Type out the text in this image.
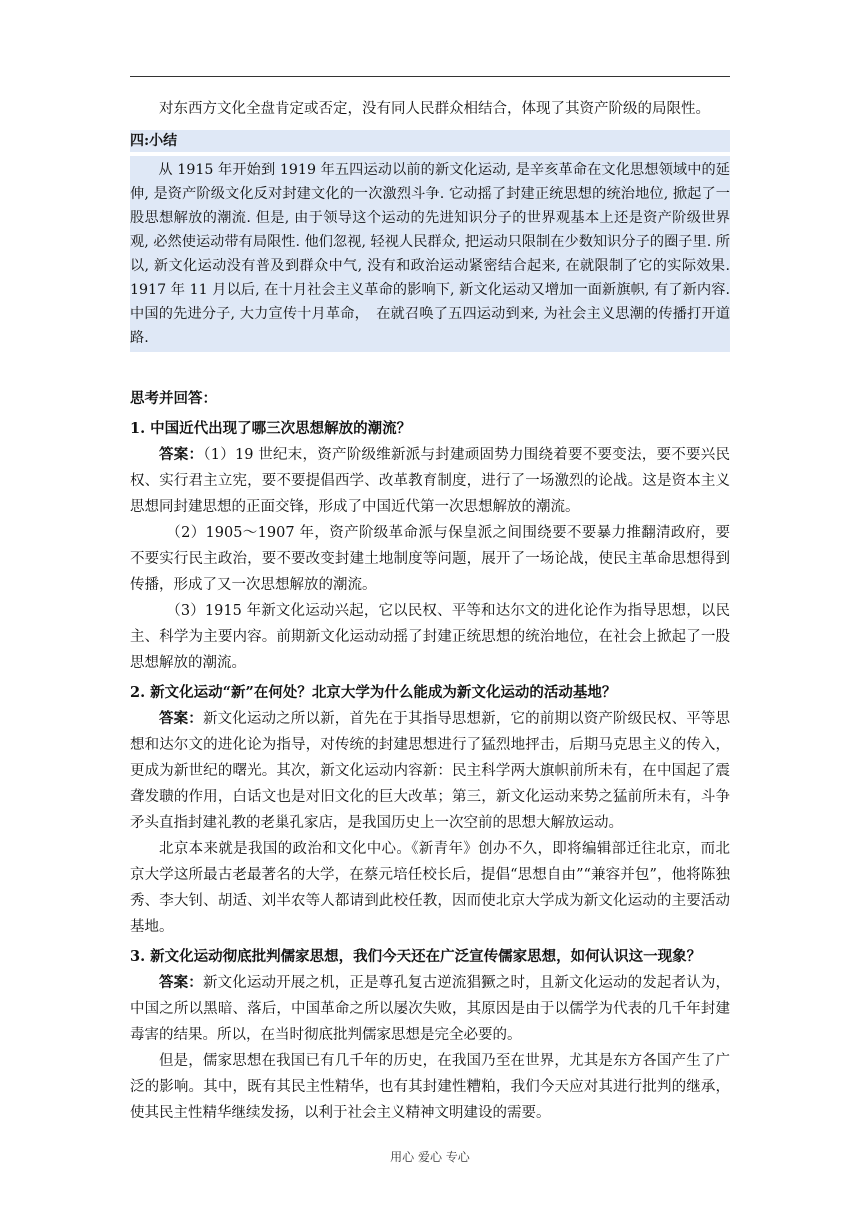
对东西方文化全盘肯定或否定，没有同人民群众相结合，体现了其资产阶级的局限性。

四:小结

从 1915 年开始到 1919 年五四运动以前的新文化运动, 是辛亥革命在文化思想领域中的延伸, 是资产阶级文化反对封建文化的一次激烈斗争. 它动摇了封建正统思想的统治地位, 掀起了一股思想解放的潮流. 但是, 由于领导这个运动的先进知识分子的世界观基本上还是资产阶级世界观, 必然使运动带有局限性. 他们忽视, 轻视人民群众, 把运动只限制在少数知识分子的圈子里. 所以, 新文化运动没有普及到群众中气, 没有和政治运动紧密结合起来, 在就限制了它的实际效果. 1917 年 11 月以后, 在十月社会主义革命的影响下, 新文化运动又增加一面新旗帜, 有了新内容. 中国的先进分子, 大力宣传十月革命，　在就召唤了五四运动到来, 为社会主义思潮的传播打开道路.

思考并回答：

1. 中国近代出现了哪三次思想解放的潮流？

答案：（1）19 世纪末，资产阶级维新派与封建顽固势力围绕着要不要变法，要不要兴民权、实行君主立宪，要不要提倡西学、改革教育制度，进行了一场激烈的论战。这是资本主义思想同封建思想的正面交锋，形成了中国近代第一次思想解放的潮流。

（2）1905～1907 年，资产阶级革命派与保皇派之间围绕要不要暴力推翻清政府，要不要实行民主政治，要不要改变封建土地制度等问题，展开了一场论战，使民主革命思想得到传播，形成了又一次思想解放的潮流。

（3）1915 年新文化运动兴起，它以民权、平等和达尔文的进化论作为指导思想，以民主、科学为主要内容。前期新文化运动动摇了封建正统思想的统治地位，在社会上掀起了一股思想解放的潮流。

2. 新文化运动“新”在何处？北京大学为什么能成为新文化运动的活动基地？

答案：新文化运动之所以新，首先在于其指导思想新，它的前期以资产阶级民权、平等思想和达尔文的进化论为指导，对传统的封建思想进行了猛烈地抨击，后期马克思主义的传入，更成为新世纪的曙光。其次，新文化运动内容新：民主科学两大旗帜前所未有，在中国起了震聋发聩的作用，白话文也是对旧文化的巨大改革；第三，新文化运动来势之猛前所未有，斗争矛头直指封建礼教的老巢孔家店，是我国历史上一次空前的思想大解放运动。

北京本来就是我国的政治和文化中心。《新青年》创办不久，即将编辑部迁往北京，而北京大学这所最古老最著名的大学，在蔡元培任校长后，提倡“思想自由”“兼容并包”，他将陈独秀、李大钊、胡适、刘半农等人都请到此校任教，因而使北京大学成为新文化运动的主要活动基地。

3. 新文化运动彻底批判儒家思想，我们今天还在广泛宣传儒家思想，如何认识这一现象？

答案：新文化运动开展之机，正是尊孔复古逆流猖獗之时，且新文化运动的发起者认为，中国之所以黑暗、落后，中国革命之所以屡次失败，其原因是由于以儒学为代表的几千年封建毒害的结果。所以，在当时彻底批判儒家思想是完全必要的。

但是，儒家思想在我国已有几千年的历史，在我国乃至在世界，尤其是东方各国产生了广泛的影响。其中，既有其民主性精华，也有其封建性糟粕，我们今天应对其进行批判的继承，使其民主性精华继续发扬，以利于社会主义精神文明建设的需要。

用心 爱心 专心
